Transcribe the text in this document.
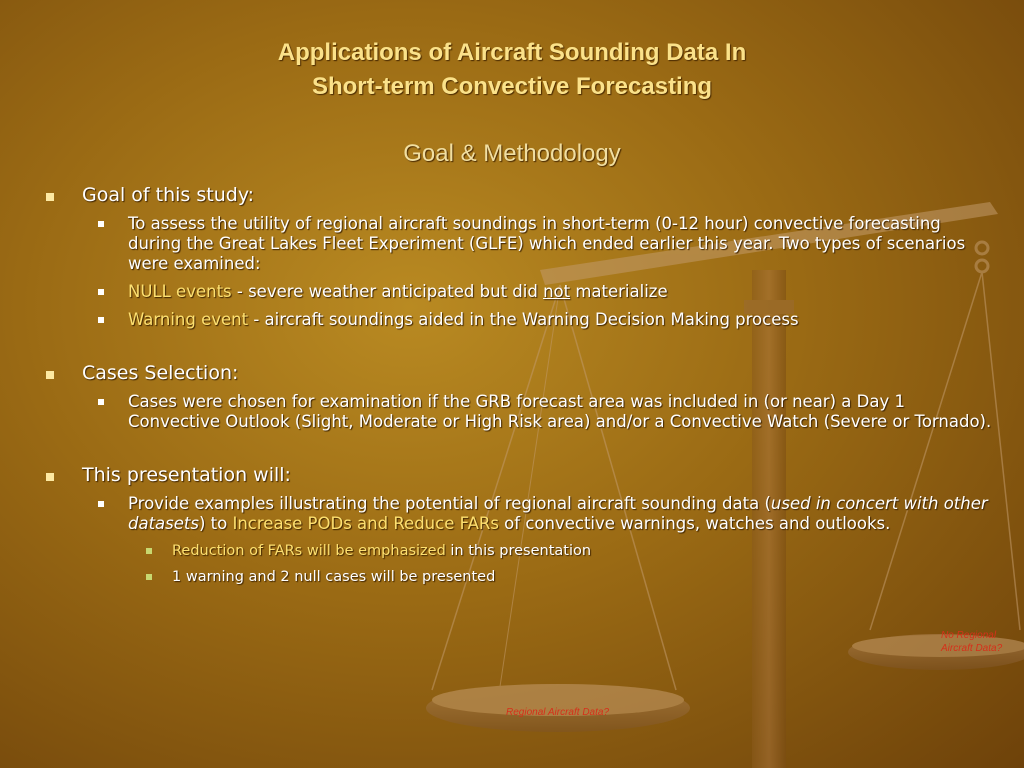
Applications of Aircraft Sounding Data In
Short-term Convective Forecasting
Goal & Methodology
Goal of this study:
To assess the utility of regional aircraft soundings in short-term (0-12 hour) convective forecasting during the Great Lakes Fleet Experiment (GLFE) which ended earlier this year. Two types of scenarios were examined:
NULL events - severe weather anticipated but did not materialize
Warning event - aircraft soundings aided in the Warning Decision Making process
Cases Selection:
Cases were chosen for examination if the GRB forecast area was included in (or near) a Day 1 Convective Outlook (Slight, Moderate or High Risk area) and/or a Convective Watch (Severe or Tornado).
This presentation will:
Provide examples illustrating the potential of regional aircraft sounding data (used in concert with other datasets) to Increase PODs and Reduce FARs of convective warnings, watches and outlooks.
Reduction of FARs will be emphasized in this presentation
1 warning and 2 null cases will be presented
Regional Aircraft Data?
No Regional
Aircraft Data?
